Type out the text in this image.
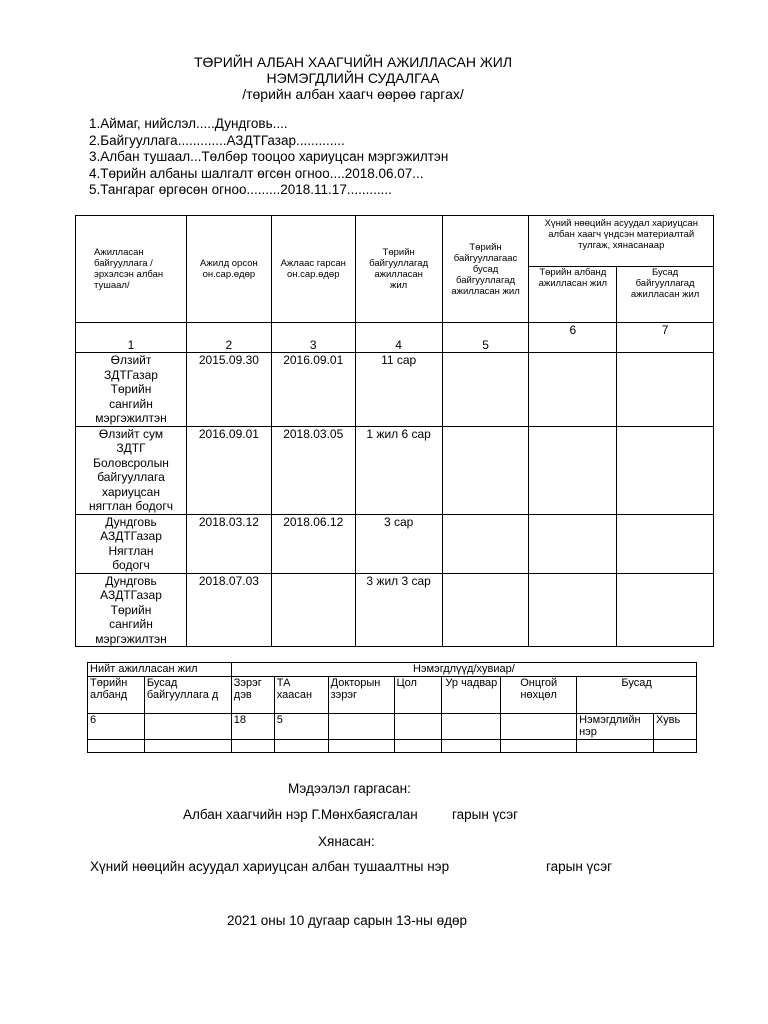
ТӨРИЙН АЛБАН ХААГЧИЙН АЖИЛЛАСАН ЖИЛ
НЭМЭГДЛИЙН СУДАЛГАА
/төрийн албан хаагч өөрөө гаргах/
1.Аймаг, нийслэл.....Дундговь....
2.Байгууллага.............АЗДТГазар.............
3.Албан тушаал...Төлбөр тооцоо хариуцсан мэргэжилтэн
4.Төрийн албаны шалгалт өгсөн огноо....2018.06.07...
5.Тангараг өргөсөн огноо.........2018.11.17............
Ажилласан байгууллага /эрхэлсэн албан тушаал/	Ажилд орсон он.сар.өдөр	Ажлаас гарсан он.сар.өдөр	Төрийн байгууллагад ажилласан жил	Төрийн байгууллагаас бусад байгууллагад ажилласан жил	Хүний нөөцийн асуудал хариуцсан албан хаагч үндсэн материалтай тулгаж, хянасанаар	
					Төрийн албанд ажилласан жил	Бусад байгууллагад ажилласан жил
1	2	3	4	5	6	7
Өлзийт ЗДТГазар Төрийн сангийн мэргэжилтэн	2015.09.30	2016.09.01	11 сар			
Өлзийт сум ЗДТГ Боловсролын байгууллага хариуцсан нягтлан бодогч	2016.09.01	2018.03.05	1 жил 6 сар			
Дундговь АЗДТГазар Нягтлан бодогч	2018.03.12	2018.06.12	3 сар			
Дундговь АЗДТГазар Төрийн сангийн мэргэжилтэн	2018.07.03		3 жил 3 сар			
Нийт ажилласан жил		Нэмэгдлүүд/хувиар/							
Төрийн албанд	Бусад байгууллага д	Зэрэг дэв	ТА хаасан	Докторын зэрэг	Цол	Ур чадвар	Онцгой нөхцөл	Бусад	
6		18	5					Нэмэгдлийн нэр	Хувь

Мэдээлэл гаргасан:
Албан хаагчийн нэр Г.Мөнхбаясгалан	гарын үсэг
Хянасан:
Хүний нөөцийн асуудал хариуцсан албан тушаалтны нэр	гарын үсэг
2021 оны 10 дугаар сарын 13-ны өдөр
